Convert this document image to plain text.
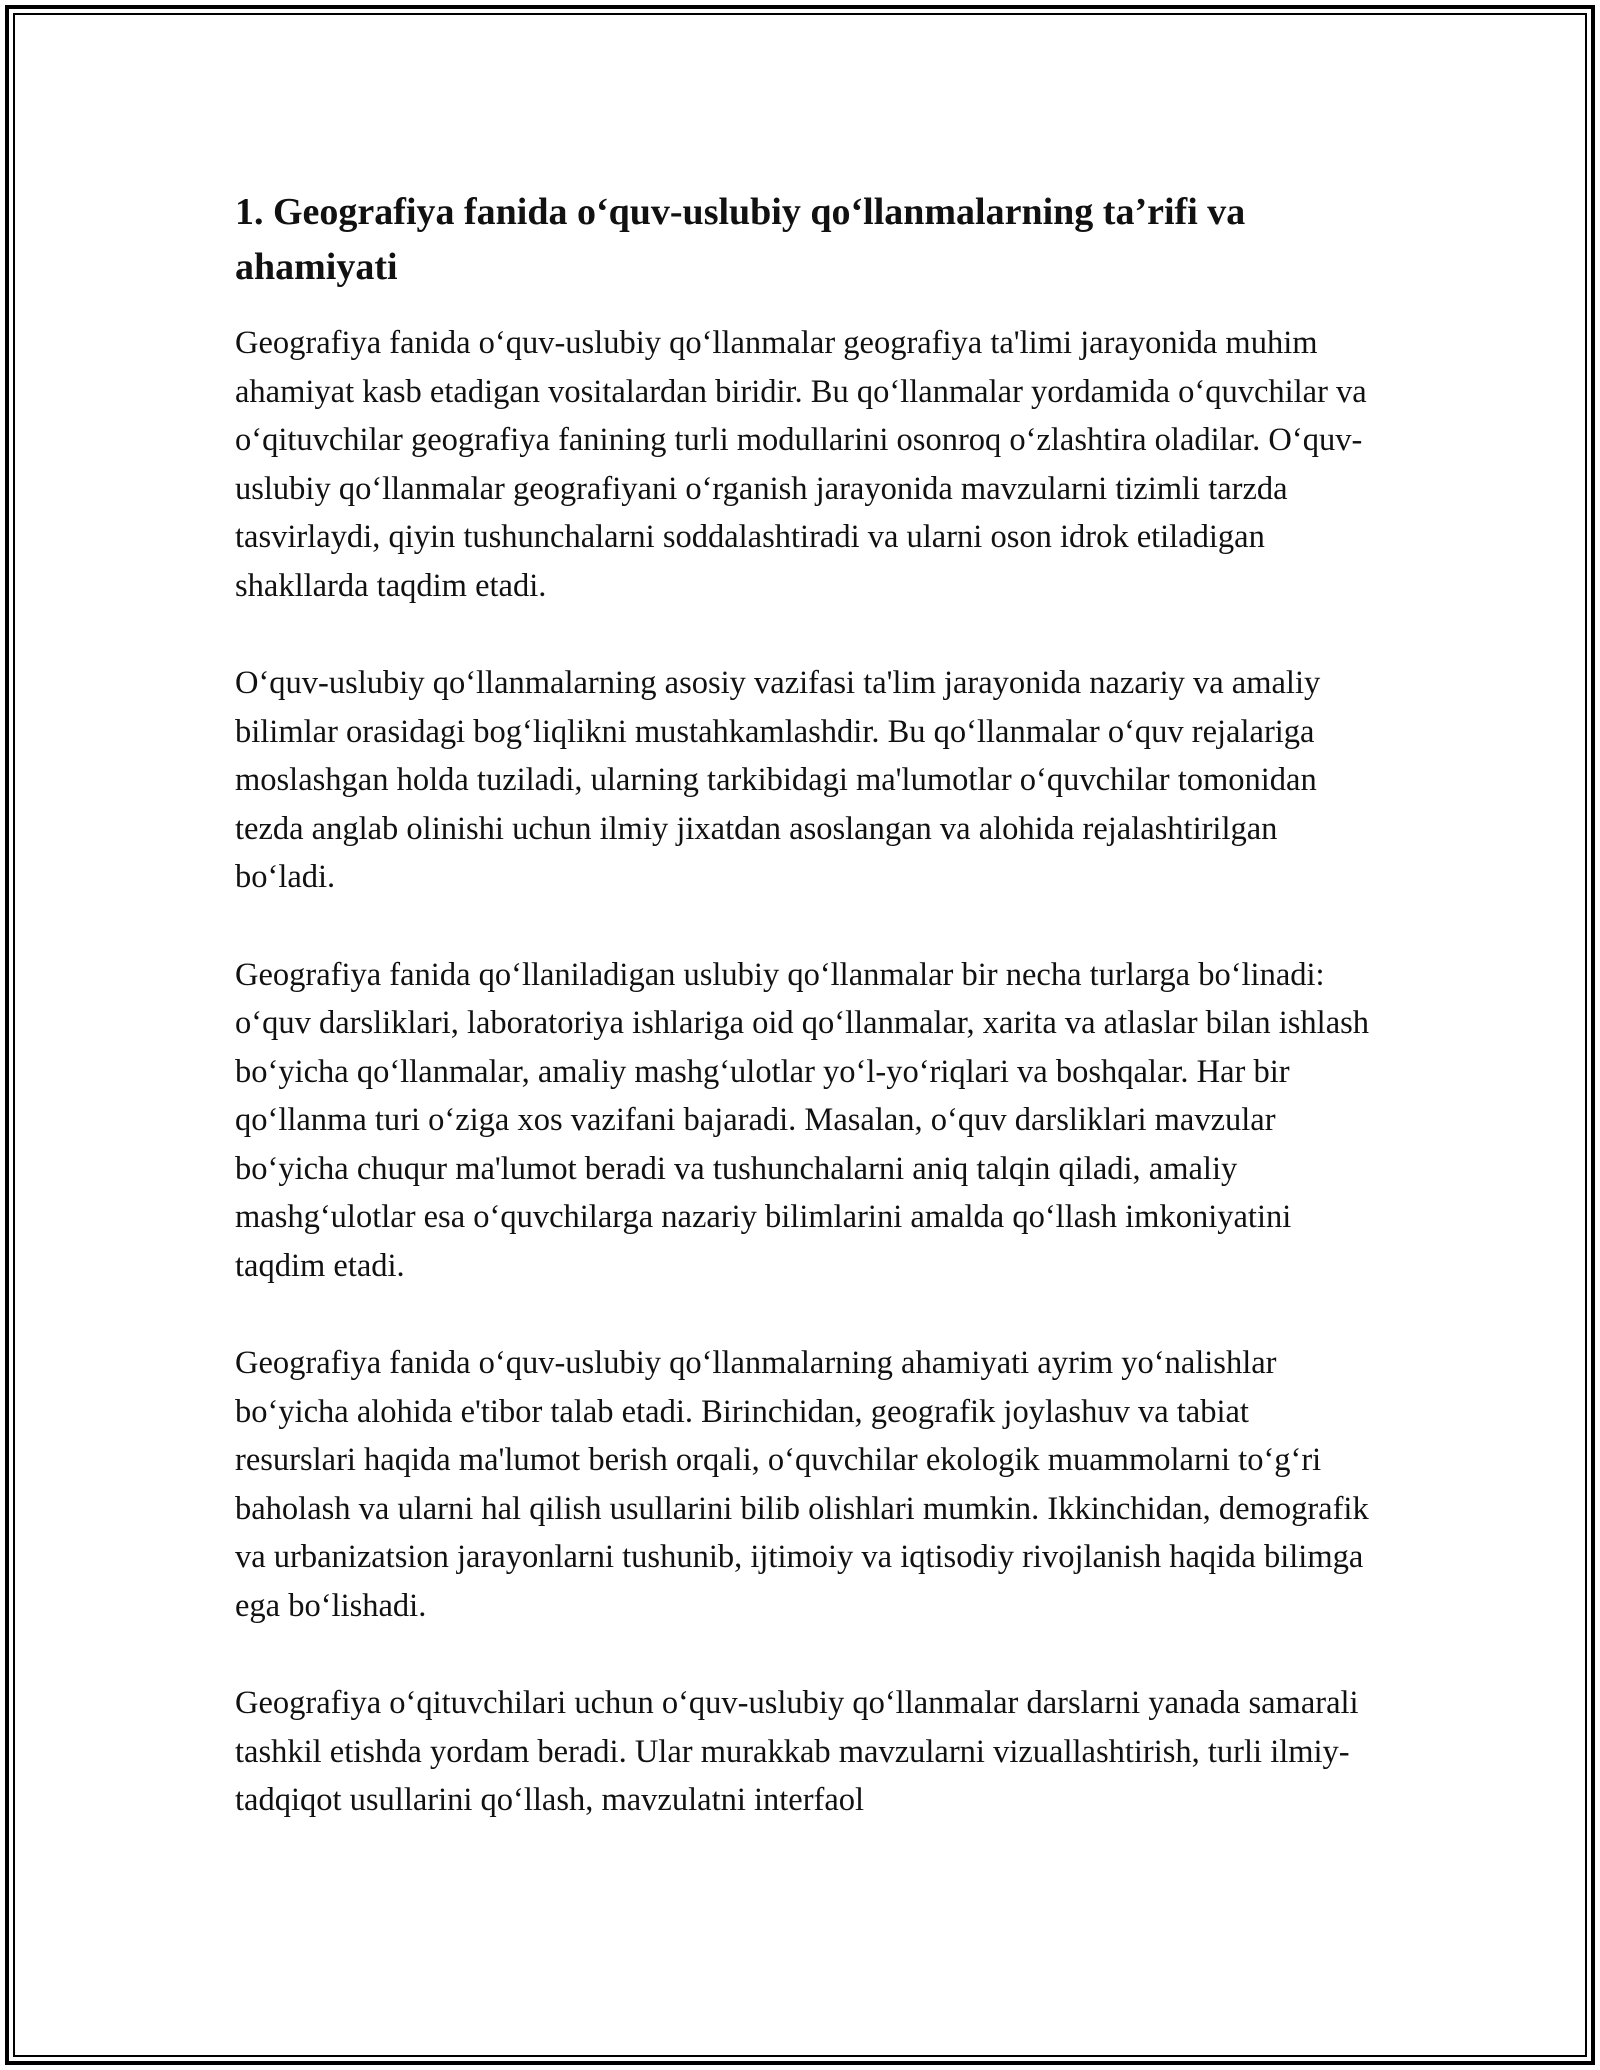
1. Geografiya fanida o‘quv-uslubiy qo‘llanmalarning ta’rifi va ahamiyati

Geografiya fanida o‘quv-uslubiy qo‘llanmalar geografiya ta'limi jarayonida muhim ahamiyat kasb etadigan vositalardan biridir. Bu qo‘llanmalar yordamida o‘quvchilar va o‘qituvchilar geografiya fanining turli modullarini osonroq o‘zlashtira oladilar. O‘quv-uslubiy qo‘llanmalar geografiyani o‘rganish jarayonida mavzularni tizimli tarzda tasvirlaydi, qiyin tushunchalarni soddalashtiradi va ularni oson idrok etiladigan shakllarda taqdim etadi.

O‘quv-uslubiy qo‘llanmalarning asosiy vazifasi ta'lim jarayonida nazariy va amaliy bilimlar orasidagi bog‘liqlikni mustahkamlashdir. Bu qo‘llanmalar o‘quv rejalariga moslashgan holda tuziladi, ularning tarkibidagi ma'lumotlar o‘quvchilar tomonidan tezda anglab olinishi uchun ilmiy jixatdan asoslangan va alohida rejalashtirilgan bo‘ladi.

Geografiya fanida qo‘llaniladigan uslubiy qo‘llanmalar bir necha turlarga bo‘linadi: o‘quv darsliklari, laboratoriya ishlariga oid qo‘llanmalar, xarita va atlaslar bilan ishlash bo‘yicha qo‘llanmalar, amaliy mashg‘ulotlar yo‘l-yo‘riqlari va boshqalar. Har bir qo‘llanma turi o‘ziga xos vazifani bajaradi. Masalan, o‘quv darsliklari mavzular bo‘yicha chuqur ma'lumot beradi va tushunchalarni aniq talqin qiladi, amaliy mashg‘ulotlar esa o‘quvchilarga nazariy bilimlarini amalda qo‘llash imkoniyatini taqdim etadi.

Geografiya fanida o‘quv-uslubiy qo‘llanmalarning ahamiyati ayrim yo‘nalishlar bo‘yicha alohida e'tibor talab etadi. Birinchidan, geografik joylashuv va tabiat resurslari haqida ma'lumot berish orqali, o‘quvchilar ekologik muammolarni to‘g‘ri baholash va ularni hal qilish usullarini bilib olishlari mumkin. Ikkinchidan, demografik va urbanizatsion jarayonlarni tushunib, ijtimoiy va iqtisodiy rivojlanish haqida bilimga ega bo‘lishadi.

Geografiya o‘qituvchilari uchun o‘quv-uslubiy qo‘llanmalar darslarni yanada samarali tashkil etishda yordam beradi. Ular murakkab mavzularni vizuallashtirish, turli ilmiy-tadqiqot usullarini qo‘llash, mavzulatni interfaol
